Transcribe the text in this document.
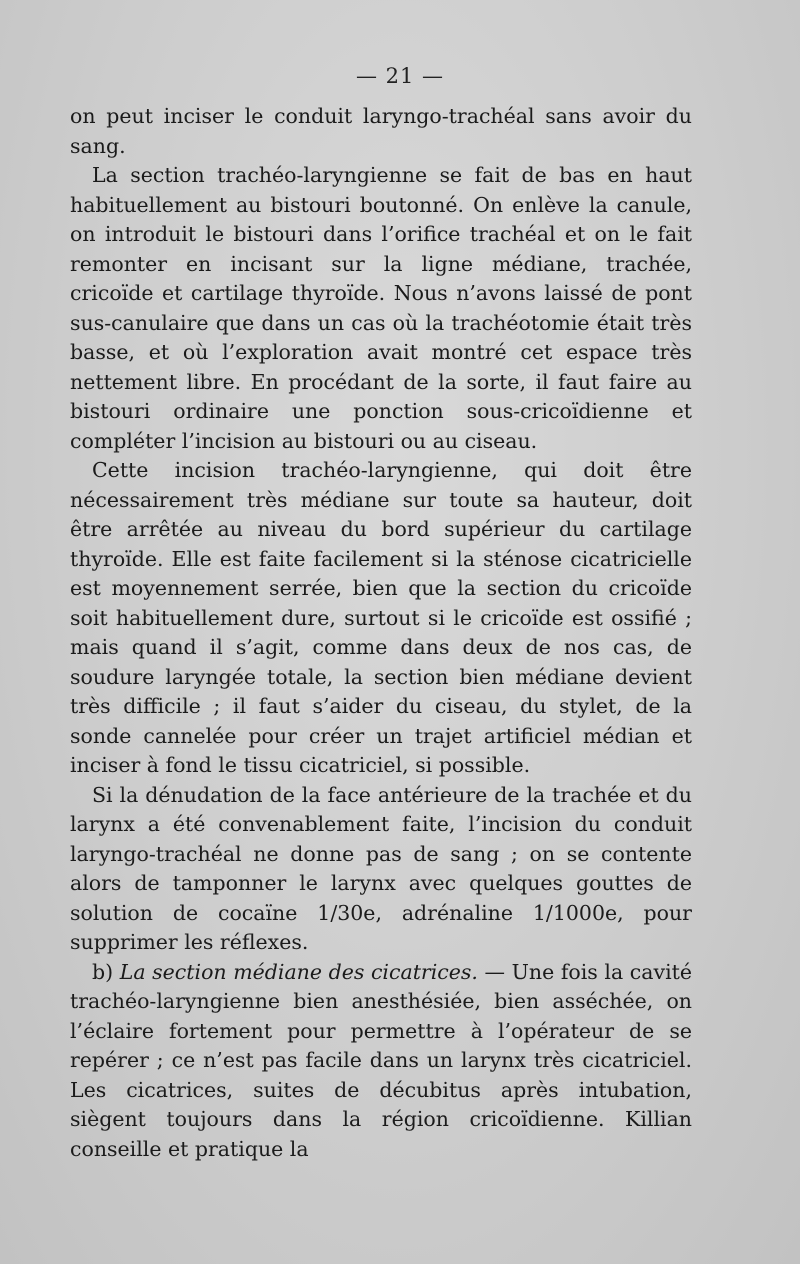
— 21 —

on peut inciser le conduit laryngo-trachéal sans avoir du sang.

La section trachéo-laryngienne se fait de bas en haut habituellement au bistouri boutonné. On enlève la canule, on introduit le bistouri dans l’orifice trachéal et on le fait remonter en incisant sur la ligne médiane, trachée, cricoïde et cartilage thyroïde. Nous n’avons laissé de pont sus-canulaire que dans un cas où la trachéotomie était très basse, et où l’exploration avait montré cet espace très nettement libre. En procédant de la sorte, il faut faire au bistouri ordinaire une ponction sous-cricoïdienne et compléter l’incision au bistouri ou au ciseau.

Cette incision trachéo-laryngienne, qui doit être nécessairement très médiane sur toute sa hauteur, doit être arrêtée au niveau du bord supérieur du cartilage thyroïde. Elle est faite facilement si la sténose cicatricielle est moyennement serrée, bien que la section du cricoïde soit habituellement dure, surtout si le cricoïde est ossifié ; mais quand il s’agit, comme dans deux de nos cas, de soudure laryngée totale, la section bien médiane devient très difficile ; il faut s’aider du ciseau, du stylet, de la sonde cannelée pour créer un trajet artificiel médian et inciser à fond le tissu cicatriciel, si possible.

Si la dénudation de la face antérieure de la trachée et du larynx a été convenablement faite, l’incision du conduit laryngo-trachéal ne donne pas de sang ; on se contente alors de tamponner le larynx avec quelques gouttes de solution de cocaïne 1/30e, adrénaline 1/1000e, pour supprimer les réflexes.

b) La section médiane des cicatrices. — Une fois la cavité trachéo-laryngienne bien anesthésiée, bien asséchée, on l’éclaire fortement pour permettre à l’opérateur de se repérer ; ce n’est pas facile dans un larynx très cicatriciel. Les cicatrices, suites de décubitus après intubation, siègent toujours dans la région cricoïdienne. Killian conseille et pratique la
